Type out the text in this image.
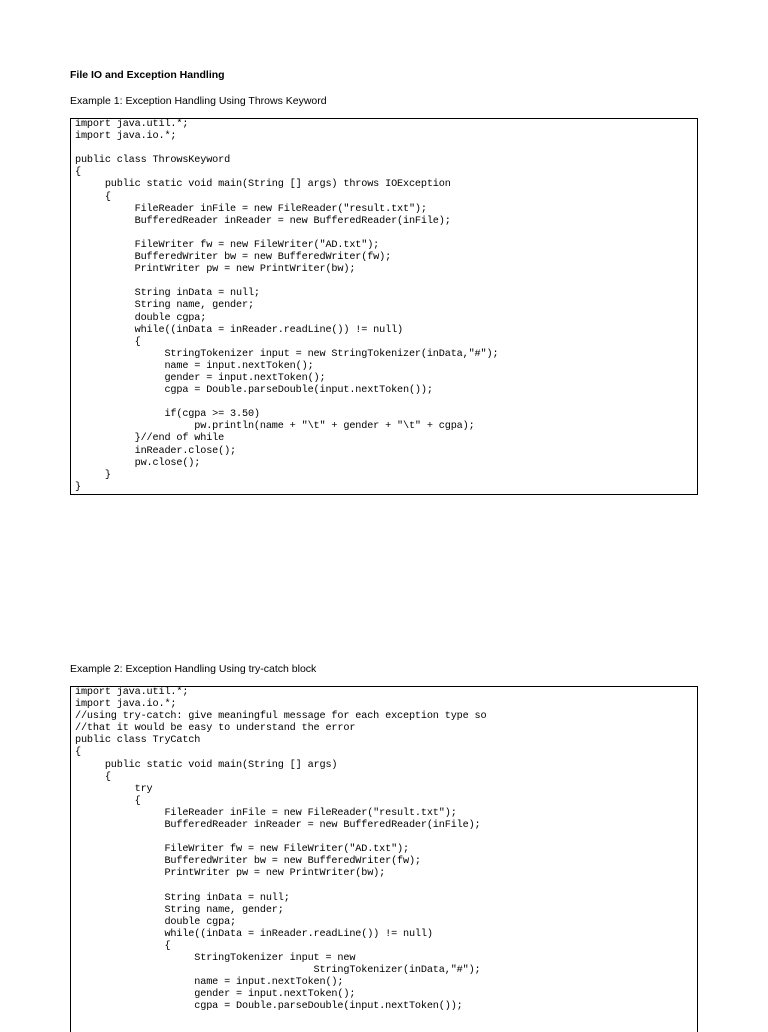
File IO and Exception Handling
Example 1: Exception Handling Using Throws Keyword
import java.util.*;
import java.io.*;
public class ThrowsKeyword
{
public static void main(String [] args) throws IOException
{
FileReader inFile = new FileReader("result.txt");
BufferedReader inReader = new BufferedReader(inFile);
FileWriter fw = new FileWriter("AD.txt");
BufferedWriter bw = new BufferedWriter(fw);
PrintWriter pw = new PrintWriter(bw);
String inData = null;
String name, gender;
double cgpa;
while((inData = inReader.readLine()) != null)
{
StringTokenizer input = new StringTokenizer(inData,"#");
name = input.nextToken();
gender = input.nextToken();
cgpa = Double.parseDouble(input.nextToken());
if(cgpa >= 3.50)
pw.println(name + "\t" + gender + "\t" + cgpa);
}//end of while
inReader.close();
pw.close();
}
}
Example 2: Exception Handling Using try-catch block
import java.util.*;
import java.io.*;
//using try-catch: give meaningful message for each exception type so
//that it would be easy to understand the error
public class TryCatch
{
public static void main(String [] args)
{
try
{
FileReader inFile = new FileReader("result.txt");
BufferedReader inReader = new BufferedReader(inFile);
FileWriter fw = new FileWriter("AD.txt");
BufferedWriter bw = new BufferedWriter(fw);
PrintWriter pw = new PrintWriter(bw);
String inData = null;
String name, gender;
double cgpa;
while((inData = inReader.readLine()) != null)
{
StringTokenizer input = new
StringTokenizer(inData,"#");
name = input.nextToken();
gender = input.nextToken();
cgpa = Double.parseDouble(input.nextToken());
